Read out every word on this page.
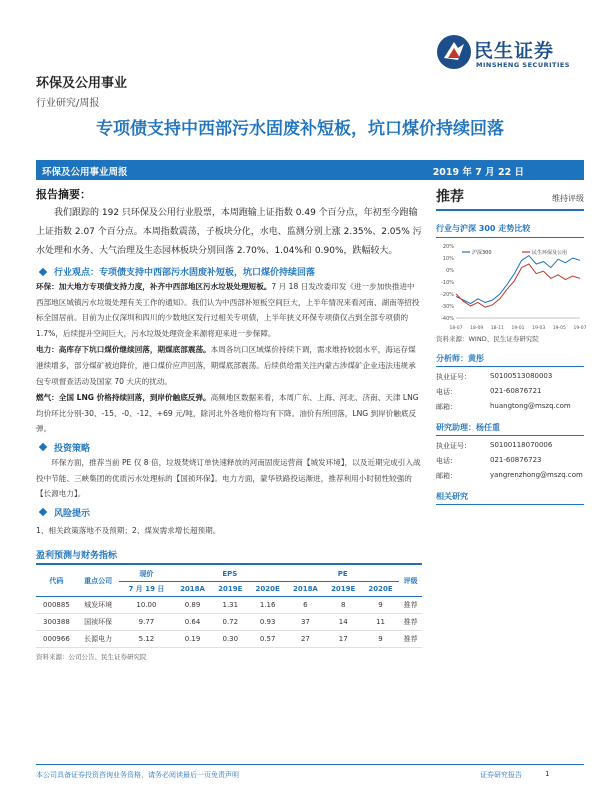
民生证券
MINSHENG SECURITIES
环保及公用事业
行业研究/周报
专项债支持中西部污水固废补短板，坑口煤价持续回落
环保及公用事业周报	2019 年 7 月 22 日
报告摘要：
我们跟踪的 192 只环保及公用行业股票，本周跑输上证指数 0.49 个百分点，年初至今跑输上证指数 2.07 个百分点。本周指数震荡，子板块分化，水电、监测分别上涨 2.35%、2.05% 污水处理和水务、大气治理及生态园林板块分别回落 2.70%、1.04%和 0.90%，跌幅较大。
行业观点：专项债支持中西部污水固废补短板，坑口煤价持续回落
环保：加大地方专项债支持力度，补齐中西部地区污水垃圾处理短板。7 月 18 日发改委印发《进一步加快推进中西部地区城镇污水垃圾处理有关工作的通知》。我们认为中西部补短板空间巨大，上半年情况来看河南、湖南等招投标全国居前。目前为止仅深圳和四川的少数地区发行过相关专项债，上半年狭义环保专项债仅占到全部专项债的 1.7%，后续提升空间巨大，污水垃圾处理资金来源将迎来进一步保障。
电力：高库存下坑口煤价继续回落，期煤底部震荡。本周各坑口区域煤价持续下调，需求维持较弱水平，海运存煤港续增多，部分煤矿被迫降价，港口煤价应声回落，期煤底部震荡。后续供给需关注内蒙古涉煤矿企业违法违规承包专项督查活动及国家 70 大庆的扰动。
燃气：全国 LNG 价格持续回落，到岸价触底反弹。高频地区数据来看，本周广东、上海、河北、济南、天津 LNG 均价环比分别-30、-15、-0、-12、+69 元/吨，除河北外各地价格均有下降。油价有所回落，LNG 到岸价触底反弹。
投资策略
环保方面，推荐当前 PE 仅 8 倍，垃圾焚烧订单快速释放的河南固废运营商【城发环境】，以及近期完成引入战投中节能、三峡集团的优质污水处理标的【国祯环保】。电力方面，蒙华铁路投运渐进，推荐利用小时韧性较强的【长源电力】。
风险提示
1、相关政策落地不及预期；2、煤炭需求增长超预期。
盈利预测与财务指标
代码	重点公司	现价	EPS			PE			评级
		7 月 19 日	2018A	2019E	2020E	2018A	2019E	2020E	
000885	城发环境	10.00	0.89	1.31	1.16	6	8	9	推荐
300388	国祯环保	9.77	0.64	0.72	0.93	37	14	11	推荐
000966	长源电力	5.12	0.19	0.30	0.57	27	17	9	推荐
资料来源：公司公告、民生证券研究院
推荐	维持评级
行业与沪深 300 走势比较
20%
10%
0%
-10%
-20%
-30%
-40%
18-07 18-09 18-11 19-01 19-03 19-05 19-07
沪深300	民生环保及公用
资料来源：WIND、民生证券研究院
分析师：黄彤
执业证号：	S0100513080003
电话：	021-60876721
邮箱：	huangtong@mszq.com
研究助理：杨任重
执业证号：	S0100118070006
电话：	021-60876723
邮箱：	yangrenzhong@mszq.com
相关研究
本公司具备证券投资咨询业务资格，请务必阅读最后一页免责声明	证券研究报告	1
